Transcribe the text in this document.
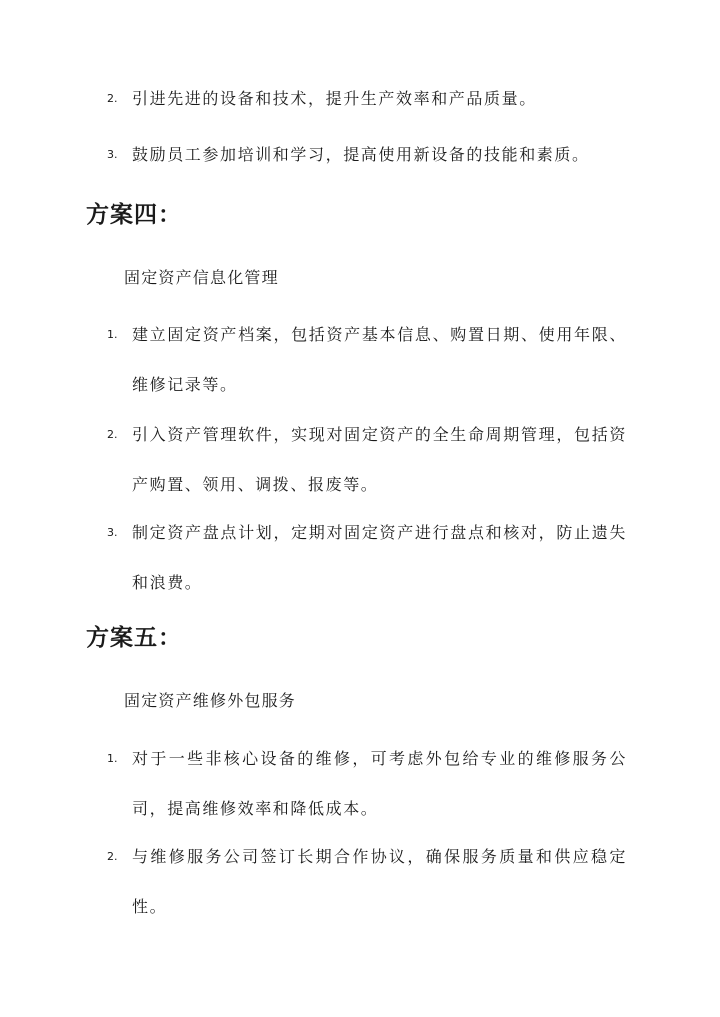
2. 引进先进的设备和技术，提升生产效率和产品质量。
3. 鼓励员工参加培训和学习，提高使用新设备的技能和素质。
方案四：
固定资产信息化管理
1. 建立固定资产档案，包括资产基本信息、购置日期、使用年限、维修记录等。
2. 引入资产管理软件，实现对固定资产的全生命周期管理，包括资产购置、领用、调拨、报废等。
3. 制定资产盘点计划，定期对固定资产进行盘点和核对，防止遗失和浪费。
方案五：
固定资产维修外包服务
1. 对于一些非核心设备的维修，可考虑外包给专业的维修服务公司，提高维修效率和降低成本。
2. 与维修服务公司签订长期合作协议，确保服务质量和供应稳定性。
